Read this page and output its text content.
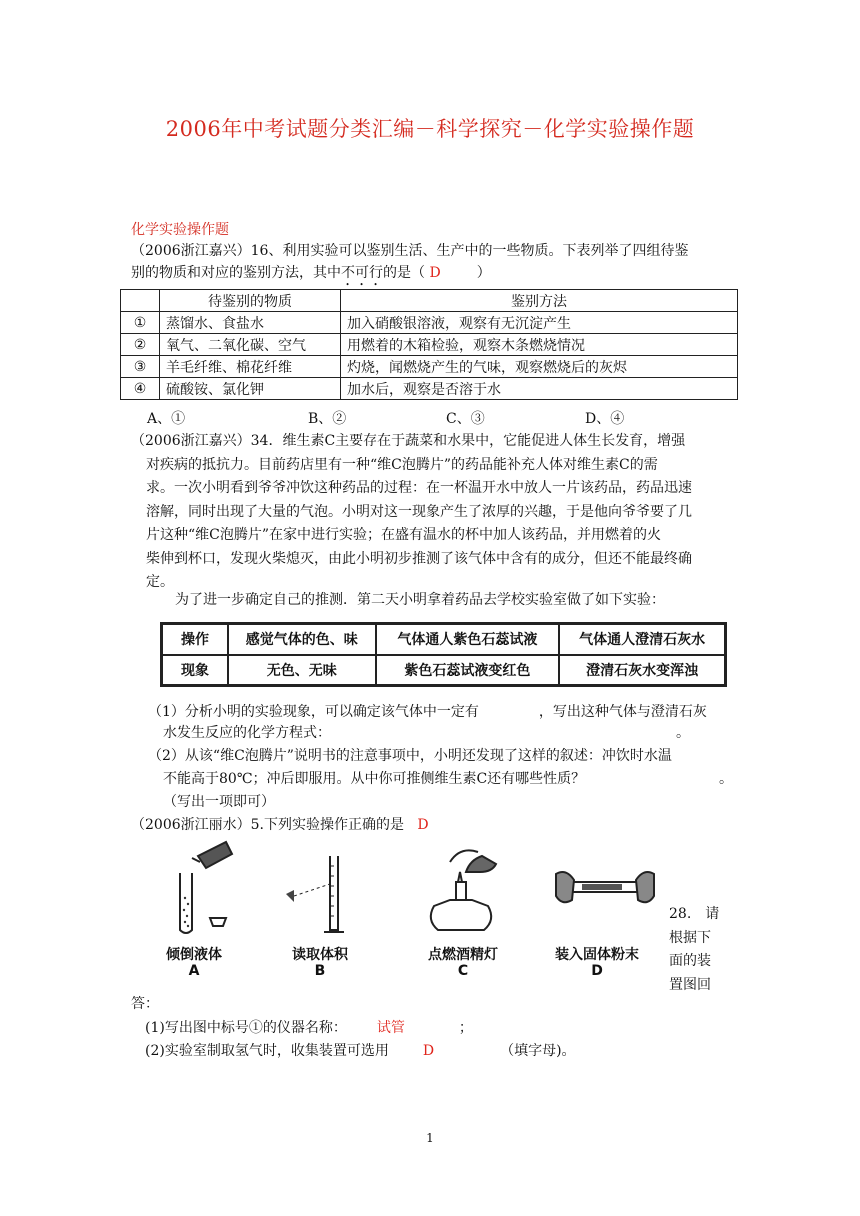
2006年中考试题分类汇编－科学探究－化学实验操作题
化学实验操作题
（2006浙江嘉兴）16、利用实验可以鉴别生活、生产中的一些物质。下表列举了四组待鉴
别的物质和对应的鉴别方法，其中不可行的是（ D	）
	待鉴别的物质	鉴别方法
①	蒸馏水、食盐水	加入硝酸银溶液，观察有无沉淀产生
②	氧气、二氧化碳、空气	用燃着的木箱检验，观察木条燃烧情况
③	羊毛纤维、棉花纤维	灼烧，闻燃烧产生的气味，观察燃烧后的灰烬
④	硫酸铵、氯化钾	加水后，观察是否溶于水
A、①	B、②	C、③	D、④
（2006浙江嘉兴）34．维生素C主要存在于蔬菜和水果中，它能促进人体生长发育，增强
对疾病的抵抗力。目前药店里有一种“维C泡腾片”的药品能补充人体对维生素C的需
求。一次小明看到爷爷冲饮这种药品的过程：在一杯温开水中放人一片该药品，药品迅速
溶解，同时出现了大量的气泡。小明对这一现象产生了浓厚的兴趣，于是他向爷爷要了几
片这种“维C泡腾片”在家中进行实验；在盛有温水的杯中加人该药品，并用燃着的火
柴伸到杯口，发现火柴熄灭，由此小明初步推测了该气体中含有的成分，但还不能最终确
定。
为了进一步确定自己的推测．第二天小明拿着药品去学校实验室做了如下实验：
操作	感觉气体的色、味	气体通人紫色石蕊试液	气体通人澄清石灰水
现象	无色、无味	紫色石蕊试液变红色	澄清石灰水变浑浊
（1）分析小明的实验现象，可以确定该气体中一定有	，写出这种气体与澄清石灰
水发生反应的化学方程式：	。
（2）从该“维C泡腾片”说明书的注意事项中，小明还发现了这样的叙述：冲饮时水温
不能高于80℃；冲后即服用。从中你可推侧维生素C还有哪些性质？	。
（写出一项即可）
（2006浙江丽水）5.下列实验操作正确的是 D
倾倒液体
A
读取体积
B
点燃酒精灯
C
装入固体粉末
D
28.　请
根据下
面的装
置图回
答：
(1)写出图中标号①的仪器名称： 试管	；
(2)实验室制取氢气时，收集装置可选用 D	（填字母)。
1
